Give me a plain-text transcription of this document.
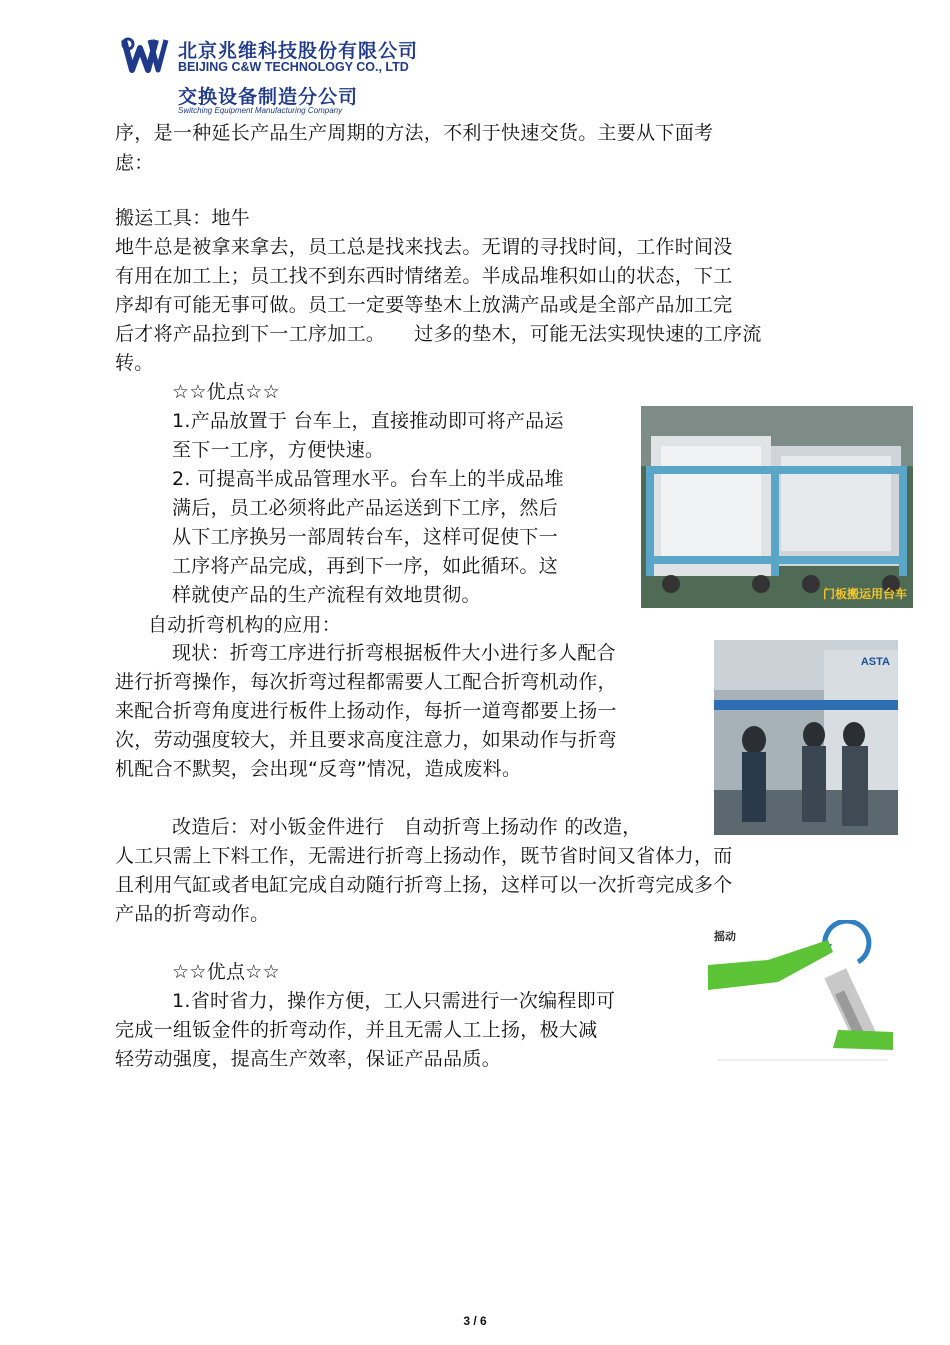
北京兆维科技股份有限公司
BEIJING C&W TECHNOLOGY CO., LTD
交换设备制造分公司
Switching Equipment Manufacturing Company
序，是一种延长产品生产周期的方法，不利于快速交货。主要从下面考
虑：
搬运工具：地牛
地牛总是被拿来拿去，员工总是找来找去。无谓的寻找时间，工作时间没
有用在加工上；员工找不到东西时情绪差。半成品堆积如山的状态，下工
序却有可能无事可做。员工一定要等垫木上放满产品或是全部产品加工完
后才将产品拉到下一工序加工。　　过多的垫木，可能无法实现快速的工序流
转。
☆☆优点☆☆
1.产品放置于 台车上，直接推动即可将产品运
至下一工序，方便快速。
2. 可提高半成品管理水平。台车上的半成品堆
满后，员工必须将此产品运送到下工序，然后
从下工序换另一部周转台车，这样可促使下一
工序将产品完成，再到下一序，如此循环。这
样就使产品的生产流程有效地贯彻。
自动折弯机构的应用：
现状：折弯工序进行折弯根据板件大小进行多人配合
进行折弯操作，每次折弯过程都需要人工配合折弯机动作，
来配合折弯角度进行板件上扬动作，每折一道弯都要上扬一
次，劳动强度较大，并且要求高度注意力，如果动作与折弯
机配合不默契，会出现“反弯”情况，造成废料。
改造后：对小钣金件进行　自动折弯上扬动作 的改造，
人工只需上下料工作，无需进行折弯上扬动作，既节省时间又省体力，而
且利用气缸或者电缸完成自动随行折弯上扬，这样可以一次折弯完成多个
产品的折弯动作。
☆☆优点☆☆
1.省时省力，操作方便，工人只需进行一次编程即可
完成一组钣金件的折弯动作，并且无需人工上扬，极大减
轻劳动强度，提高生产效率，保证产品品质。
门板搬运用台车
ASTA
摇动
3 / 6
